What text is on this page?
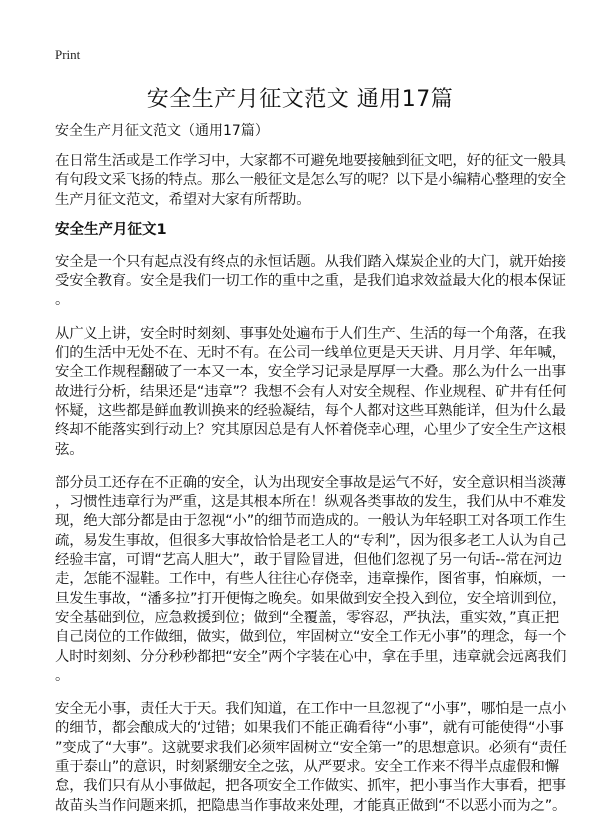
Print
安全生产月征文范文 通用17篇
安全生产月征文范文（通用17篇）
在日常生活或是工作学习中，大家都不可避免地要接触到征文吧，好的征文一般具
有句段文采飞扬的特点。那么一般征文是怎么写的呢？以下是小编精心整理的安全
生产月征文范文，希望对大家有所帮助。
安全生产月征文1
安全是一个只有起点没有终点的永恒话题。从我们踏入煤炭企业的大门，就开始接
受安全教育。安全是我们一切工作的重中之重，是我们追求效益最大化的根本保证
。
从广义上讲，安全时时刻刻、事事处处遍布于人们生产、生活的每一个角落，在我
们的生活中无处不在、无时不有。在公司一线单位更是天天讲、月月学、年年喊，
安全工作规程翻破了一本又一本，安全学习记录是厚厚一大叠。那么为什么一出事
故进行分析，结果还是“违章”？我想不会有人对安全规程、作业规程、矿井有任何
怀疑，这些都是鲜血教训换来的经验凝结，每个人都对这些耳熟能详，但为什么最
终却不能落实到行动上？究其原因总是有人怀着侥幸心理，心里少了安全生产这根
弦。
部分员工还存在不正确的安全，认为出现安全事故是运气不好，安全意识相当淡薄
，习惯性违章行为严重，这是其根本所在！纵观各类事故的发生，我们从中不难发
现，绝大部分都是由于忽视“小”的细节而造成的。一般认为年轻职工对各项工作生
疏，易发生事故，但很多大事故恰恰是老工人的“专利”，因为很多老工人认为自己
经验丰富，可谓“艺高人胆大”，敢于冒险冒进，但他们忽视了另一句话--常在河边
走，怎能不湿鞋。工作中，有些人往往心存侥幸，违章操作，图省事，怕麻烦，一
旦发生事故，“潘多拉”打开便悔之晚矣。如果做到安全投入到位，安全培训到位，
安全基础到位，应急救援到位；做到“全覆盖，零容忍，严执法，重实效，”真正把
自己岗位的工作做细，做实，做到位，牢固树立“安全工作无小事”的理念，每一个
人时时刻刻、分分秒秒都把“安全”两个字装在心中，拿在手里，违章就会远离我们
。
安全无小事，责任大于天。我们知道，在工作中一旦忽视了“小事”，哪怕是一点小
的细节，都会酿成大的‘过错；如果我们不能正确看待“小事”，就有可能使得“小事
”变成了“大事”。这就要求我们必须牢固树立“安全第一”的思想意识。必须有“责任
重于泰山”的意识，时刻紧绷安全之弦，从严要求。安全工作来不得半点虚假和懈
怠，我们只有从小事做起，把各项安全工作做实、抓牢，把小事当作大事看，把事
故苗头当作问题来抓，把隐患当作事故来处理，才能真正做到“不以恶小而为之”。
